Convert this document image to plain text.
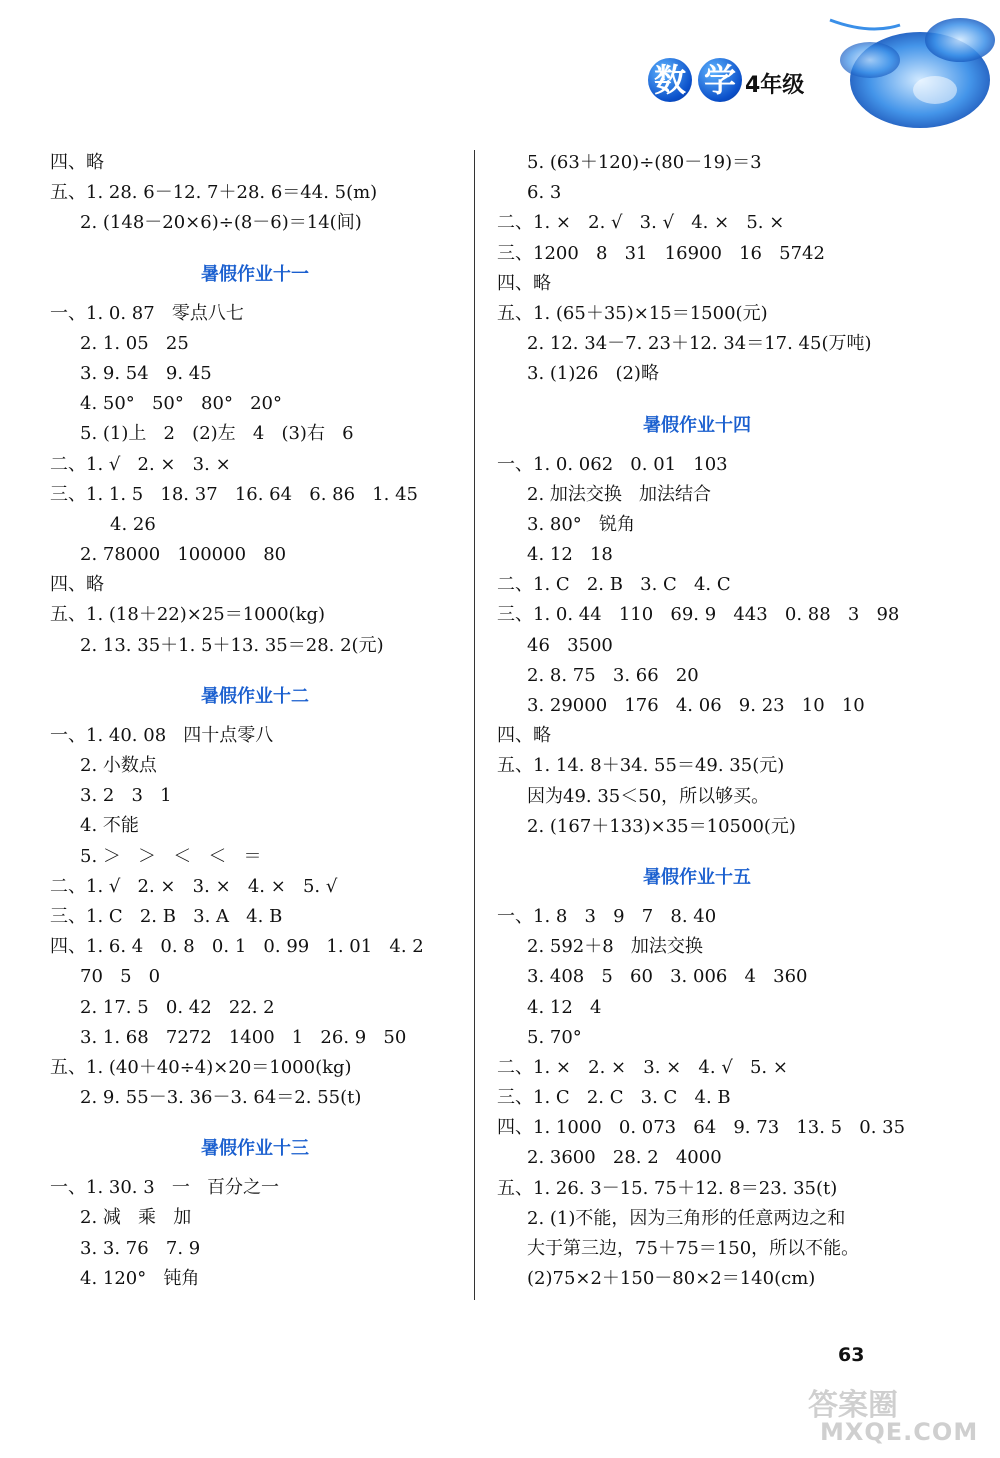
数 学 4年级
四、略
五、1. 28. 6－12. 7＋28. 6＝44. 5(m)
2. (148－20×6)÷(8－6)＝14(间)
暑假作业十一
一、1. 0. 87   零点八七
2. 1. 05   25
3. 9. 54   9. 45
4. 50°   50°   80°   20°
5. (1)上   2   (2)左   4   (3)右   6
二、1. √   2. ×   3. ×
三、1. 1. 5   18. 37   16. 64   6. 86   1. 45
4. 26
2. 78000   100000   80
四、略
五、1. (18＋22)×25＝1000(kg)
2. 13. 35＋1. 5＋13. 35＝28. 2(元)
暑假作业十二
一、1. 40. 08   四十点零八
2. 小数点
3. 2   3   1
4. 不能
5. ＞   ＞   ＜   ＜   ＝
二、1. √   2. ×   3. ×   4. ×   5. √
三、1. C   2. B   3. A   4. B
四、1. 6. 4   0. 8   0. 1   0. 99   1. 01   4. 2
70   5   0
2. 17. 5   0. 42   22. 2
3. 1. 68   7272   1400   1   26. 9   50
五、1. (40＋40÷4)×20＝1000(kg)
2. 9. 55－3. 36－3. 64＝2. 55(t)
暑假作业十三
一、1. 30. 3   一   百分之一
2. 减   乘   加
3. 3. 76   7. 9
4. 120°   钝角
5. (63＋120)÷(80－19)＝3
6. 3
二、1. ×   2. √   3. √   4. ×   5. ×
三、1200   8   31   16900   16   5742
四、略
五、1. (65＋35)×15＝1500(元)
2. 12. 34－7. 23＋12. 34＝17. 45(万吨)
3. (1)26   (2)略
暑假作业十四
一、1. 0. 062   0. 01   103
2. 加法交换   加法结合
3. 80°   锐角
4. 12   18
二、1. C   2. B   3. C   4. C
三、1. 0. 44   110   69. 9   443   0. 88   3   98
46   3500
2. 8. 75   3. 66   20
3. 29000   176   4. 06   9. 23   10   10
四、略
五、1. 14. 8＋34. 55＝49. 35(元)
因为49. 35＜50，所以够买。
2. (167＋133)×35＝10500(元)
暑假作业十五
一、1. 8   3   9   7   8. 40
2. 592＋8   加法交换
3. 408   5   60   3. 006   4   360
4. 12   4
5. 70°
二、1. ×   2. ×   3. ×   4. √   5. ×
三、1. C   2. C   3. C   4. B
四、1. 1000   0. 073   64   9. 73   13. 5   0. 35
2. 3600   28. 2   4000
五、1. 26. 3－15. 75＋12. 8＝23. 35(t)
2. (1)不能，因为三角形的任意两边之和
大于第三边，75＋75＝150，所以不能。
(2)75×2＋150－80×2＝140(cm)
63
答案圈
MXQE.COM
